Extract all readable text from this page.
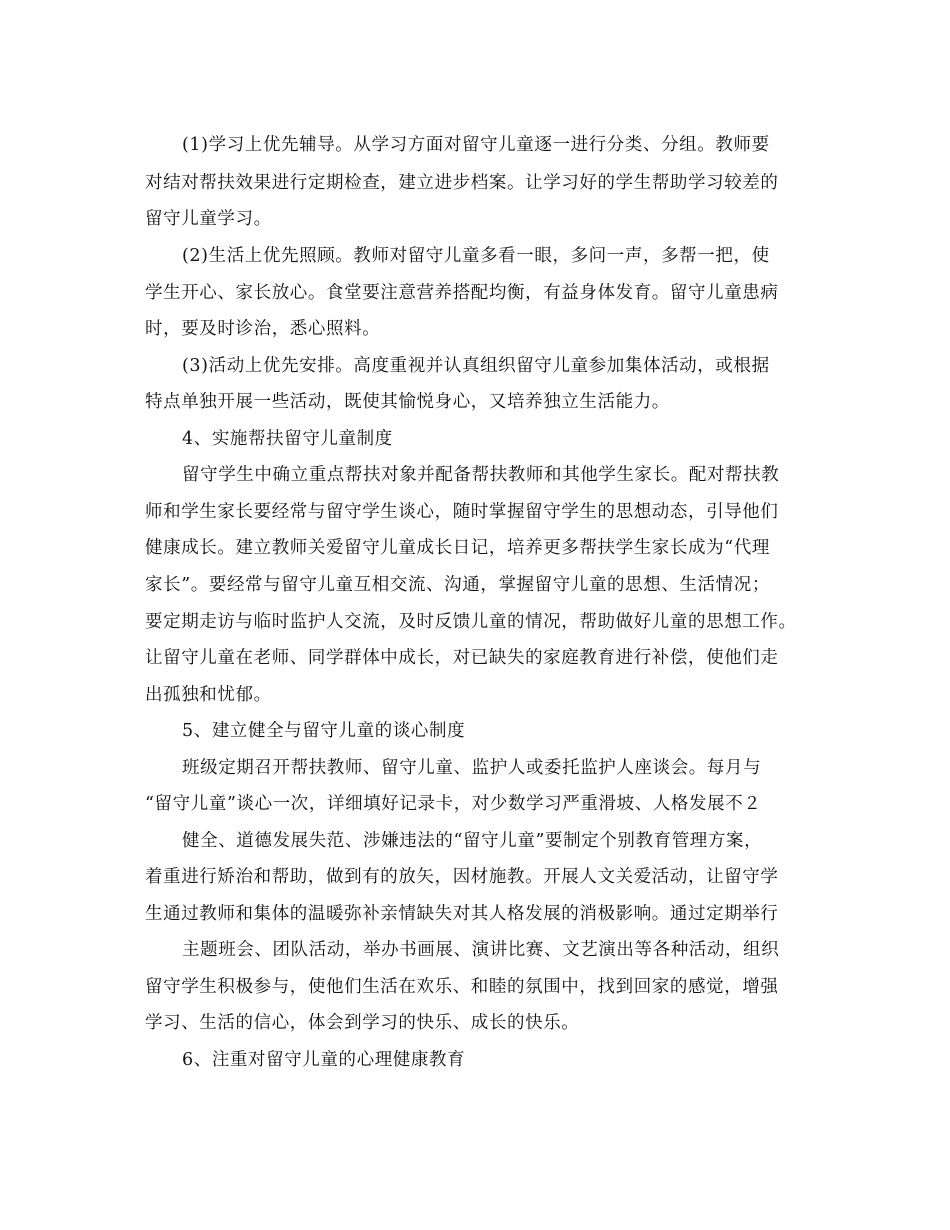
(1)学习上优先辅导。从学习方面对留守儿童逐一进行分类、分组。教师要
对结对帮扶效果进行定期检查，建立进步档案。让学习好的学生帮助学习较差的
留守儿童学习。
(2)生活上优先照顾。教师对留守儿童多看一眼，多问一声，多帮一把，使
学生开心、家长放心。食堂要注意营养搭配均衡，有益身体发育。留守儿童患病
时，要及时诊治，悉心照料。
(3)活动上优先安排。高度重视并认真组织留守儿童参加集体活动，或根据
特点单独开展一些活动，既使其愉悦身心，又培养独立生活能力。
4、实施帮扶留守儿童制度
留守学生中确立重点帮扶对象并配备帮扶教师和其他学生家长。配对帮扶教
师和学生家长要经常与留守学生谈心，随时掌握留守学生的思想动态，引导他们
健康成长。建立教师关爱留守儿童成长日记，培养更多帮扶学生家长成为“代理
家长”。要经常与留守儿童互相交流、沟通，掌握留守儿童的思想、生活情况；
要定期走访与临时监护人交流，及时反馈儿童的情况，帮助做好儿童的思想工作。
让留守儿童在老师、同学群体中成长，对已缺失的家庭教育进行补偿，使他们走
出孤独和忧郁。
5、建立健全与留守儿童的谈心制度
班级定期召开帮扶教师、留守儿童、监护人或委托监护人座谈会。每月与
“留守儿童”谈心一次，详细填好记录卡，对少数学习严重滑坡、人格发展不２
健全、道德发展失范、涉嫌违法的“留守儿童”要制定个别教育管理方案，
着重进行矫治和帮助，做到有的放矢，因材施教。开展人文关爱活动，让留守学
生通过教师和集体的温暖弥补亲情缺失对其人格发展的消极影响。通过定期举行
主题班会、团队活动，举办书画展、演讲比赛、文艺演出等各种活动，组织
留守学生积极参与，使他们生活在欢乐、和睦的氛围中，找到回家的感觉，增强
学习、生活的信心，体会到学习的快乐、成长的快乐。
6、注重对留守儿童的心理健康教育
